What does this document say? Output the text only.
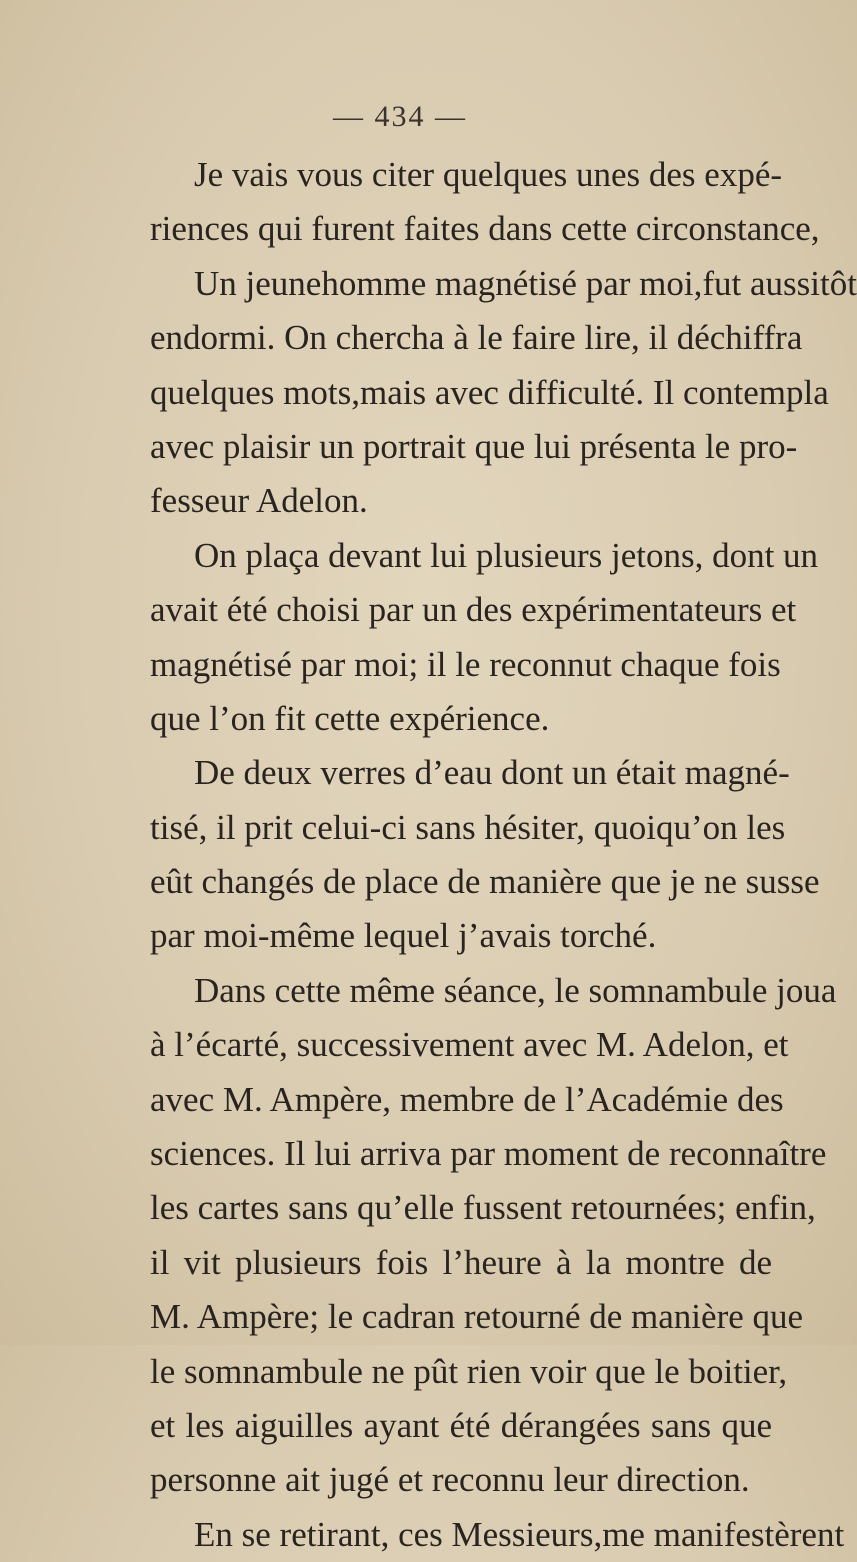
— 434 —
Je vais vous citer quelques unes des expé-
riences qui furent faites dans cette circonstance,
Un jeunehomme magnétisé par moi,fut aussitôt
endormi. On chercha à le faire lire, il déchiffra
quelques mots,mais avec difficulté. Il contempla
avec plaisir un portrait que lui présenta le pro-
fesseur Adelon.
On plaça devant lui plusieurs jetons, dont un
avait été choisi par un des expérimentateurs et
magnétisé par moi; il le reconnut chaque fois
que l’on fit cette expérience.
De deux verres d’eau dont un était magné-
tisé, il prit celui-ci sans hésiter, quoiqu’on les
eût changés de place de manière que je ne susse
par moi-même lequel j’avais torché.
Dans cette même séance, le somnambule joua
à l’écarté, successivement avec M. Adelon, et
avec M. Ampère, membre de l’Académie des
sciences. Il lui arriva par moment de reconnaître
les cartes sans qu’elle fussent retournées; enfin,
il vit plusieurs fois l’heure à la montre de
M. Ampère; le cadran retourné de manière que
le somnambule ne pût rien voir que le boitier,
et les aiguilles ayant été dérangées sans que
personne ait jugé et reconnu leur direction.
En se retirant, ces Messieurs,me manifestèrent
